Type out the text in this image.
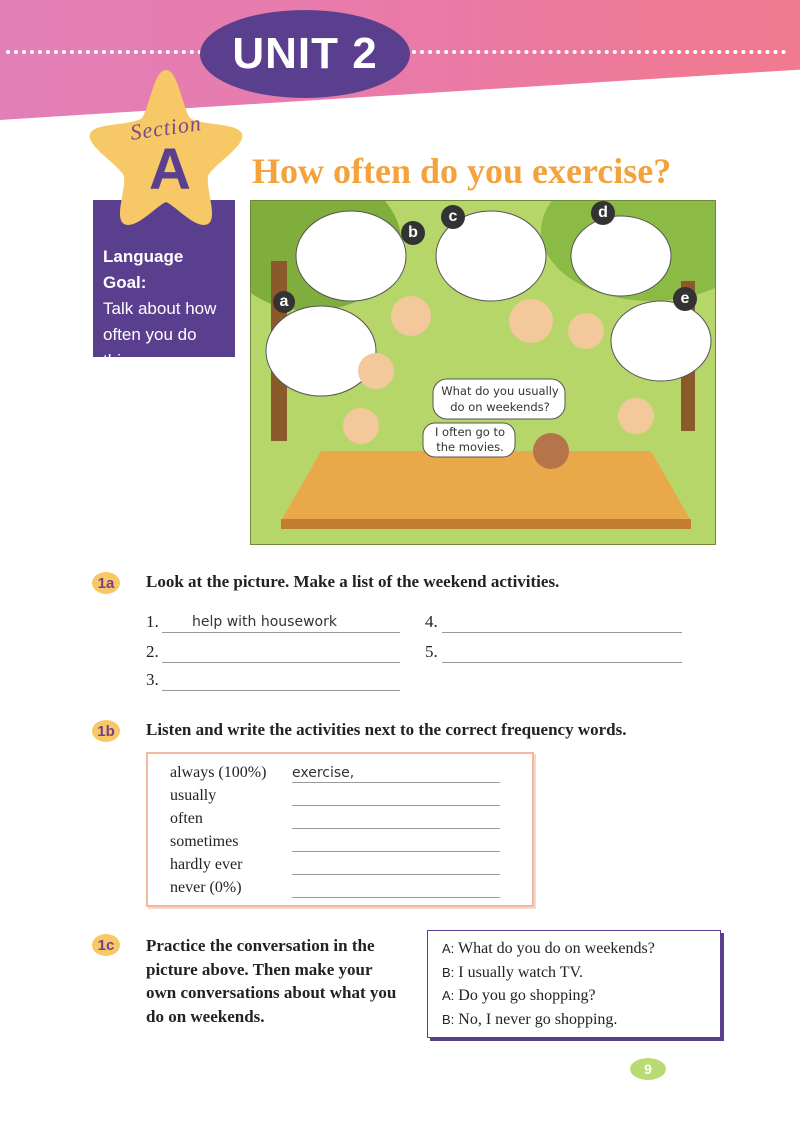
UNIT 2
Language Goal:
Talk about how often you do things
Section
A	How often do you exercise?
What do you usually do on weekends?
I often go to the movies.
a
b
c	d
e
1a	Look at the picture. Make a list of the weekend activities.
1.	help with housework
2.
3.
4.
5.
1b	Listen and write the activities next to the correct frequency words.
always (100%) exercise,
usually
often
sometimes
hardly ever
never (0%)
1c	Practice the conversation in the picture above. Then make your own conversations about what you do on weekends.
A: What do you do on weekends?
B: I usually watch TV.
A: Do you go shopping?
B: No, I never go shopping.
9
